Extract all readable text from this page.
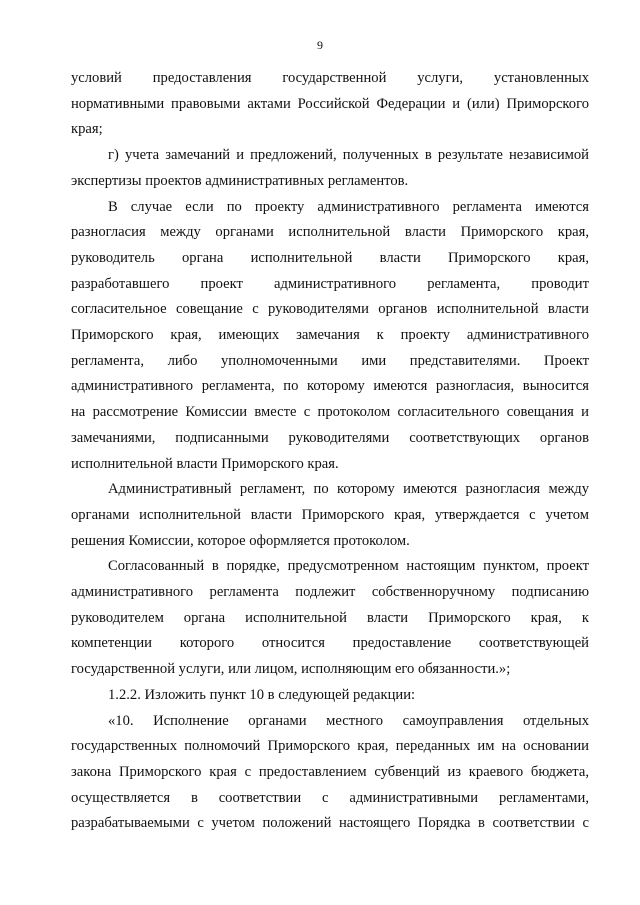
9
условий предоставления государственной услуги, установленных
нормативными правовыми актами Российской Федерации и (или) Приморского
края;
г) учета замечаний и предложений, полученных в результате независимой
экспертизы проектов административных регламентов.
В случае если по проекту административного регламента имеются
разногласия между органами исполнительной власти Приморского края,
руководитель органа исполнительной власти Приморского края,
разработавшего проект административного регламента, проводит
согласительное совещание с руководителями органов исполнительной власти
Приморского края, имеющих замечания к проекту административного
регламента, либо уполномоченными ими представителями. Проект
административного регламента, по которому имеются разногласия, выносится
на рассмотрение Комиссии вместе с протоколом согласительного совещания и
замечаниями, подписанными руководителями соответствующих органов
исполнительной власти Приморского края.
Административный регламент, по которому имеются разногласия между
органами исполнительной власти Приморского края, утверждается с учетом
решения Комиссии, которое оформляется протоколом.
Согласованный в порядке, предусмотренном настоящим пунктом, проект
административного регламента подлежит собственноручному подписанию
руководителем органа исполнительной власти Приморского края, к
компетенции которого относится предоставление соответствующей
государственной услуги, или лицом, исполняющим его обязанности.»;
1.2.2. Изложить пункт 10 в следующей редакции:
«10. Исполнение органами местного самоуправления отдельных
государственных полномочий Приморского края, переданных им на основании
закона Приморского края с предоставлением субвенций из краевого бюджета,
осуществляется в соответствии с административными регламентами,
разрабатываемыми с учетом положений настоящего Порядка в соответствии с
